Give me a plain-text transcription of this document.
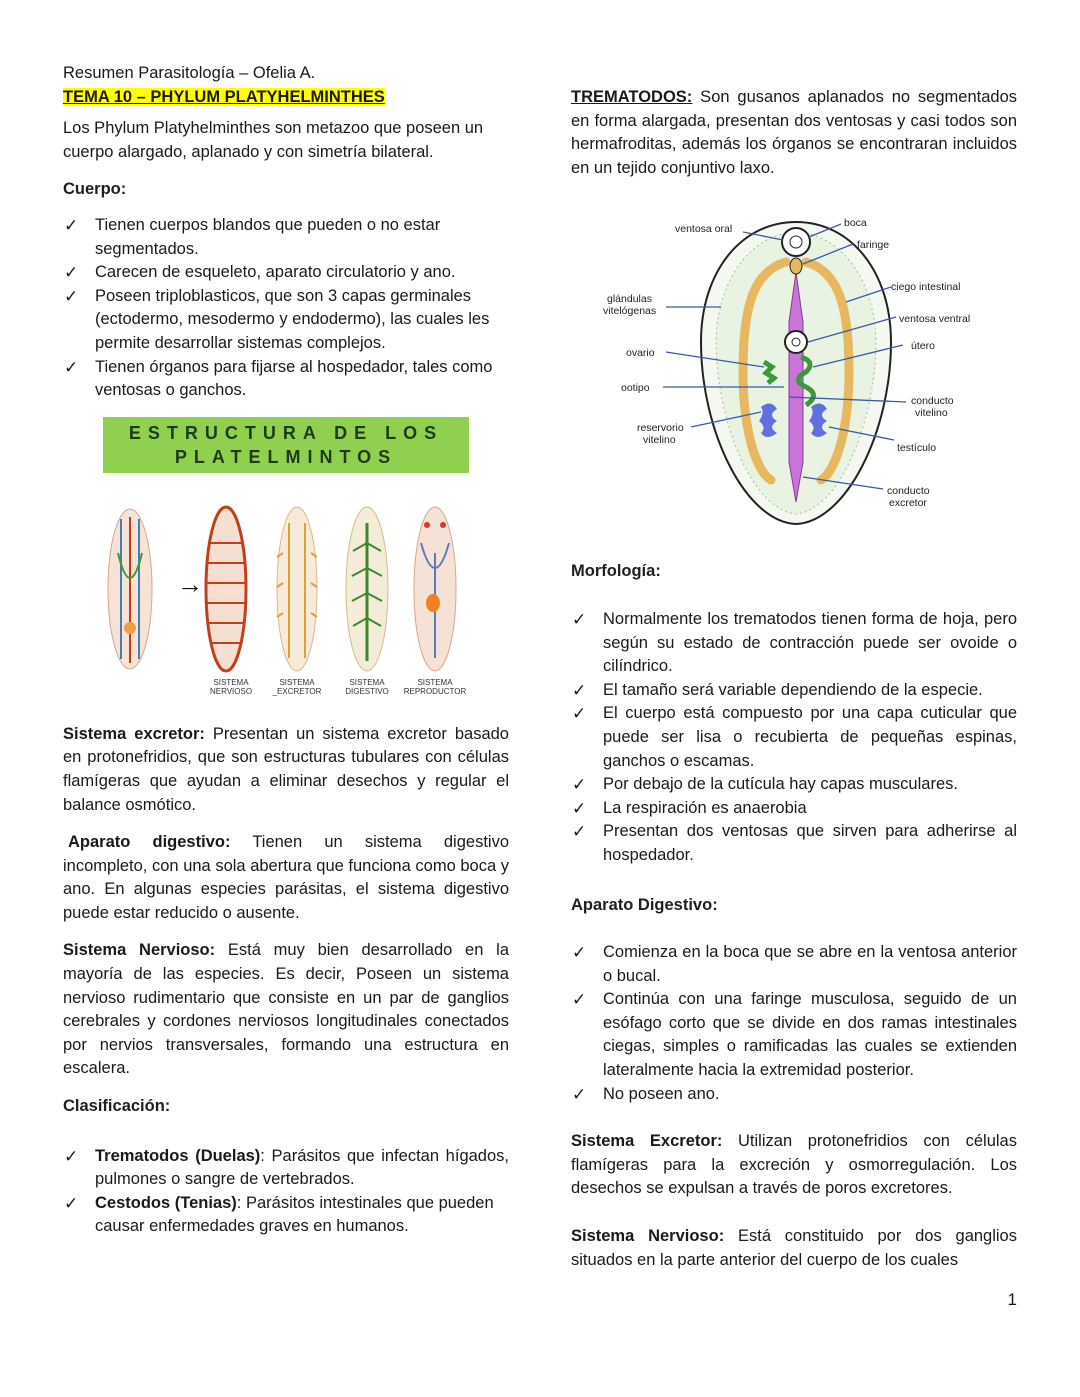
Resumen Parasitología – Ofelia A.

TEMA 10 – PHYLUM PLATYHELMINTHES

Los Phylum Platyhelminthes son metazoo que poseen un cuerpo alargado, aplanado y con simetría bilateral.

Cuerpo:

✓ Tienen cuerpos blandos que pueden o no estar segmentados.
✓ Carecen de esqueleto, aparato circulatorio y ano.
✓ Poseen triploblasticos, que son 3 capas germinales (ectodermo, mesodermo y endodermo), las cuales les permite desarrollar sistemas complejos.
✓ Tienen órganos para fijarse al hospedador, tales como ventosas o ganchos.
ESTRUCTURA DE LOS
PLATELMINTOS
→
SISTEMA
NERVIOSO
SISTEMA
_EXCRETOR
SISTEMA
DIGESTIVO
SISTEMA
REPRODUCTOR

Sistema excretor: Presentan un sistema excretor basado en protonefridios, que son estructuras tubulares con células flamígeras que ayudan a eliminar desechos y regular el balance osmótico.

Aparato digestivo: Tienen un sistema digestivo incompleto, con una sola abertura que funciona como boca y ano. En algunas especies parásitas, el sistema digestivo puede estar reducido o ausente.

Sistema Nervioso: Está muy bien desarrollado en la mayoría de las especies. Es decir, Poseen un sistema nervioso rudimentario que consiste en un par de ganglios cerebrales y cordones nerviosos longitudinales conectados por nervios transversales, formando una estructura en escalera.

Clasificación:

✓ Trematodos (Duelas): Parásitos que infectan hígados, pulmones o sangre de vertebrados.
✓ Cestodos (Tenias): Parásitos intestinales que pueden causar enfermedades graves en humanos.

TREMATODOS: Son gusanos aplanados no segmentados en forma alargada, presentan dos ventosas y casi todos son hermafroditas, además los órganos se encontraran incluidos en un tejido conjuntivo laxo.

ventosa oral	boca
faringe
glándulas
vitelógenas
ciego intestinal
ventosa ventral
útero
ovario
ootipo
conducto
vitelino
reservorio
vitelino
testículo
conducto
excretor

Morfología:

✓ Normalmente los trematodos tienen forma de hoja, pero según su estado de contracción puede ser ovoide o cilíndrico.
✓ El tamaño será variable dependiendo de la especie.
✓ El cuerpo está compuesto por una capa cuticular que puede ser lisa o recubierta de pequeñas espinas, ganchos o escamas.
✓ Por debajo de la cutícula hay capas musculares.
✓ La respiración es anaerobia
✓ Presentan dos ventosas que sirven para adherirse al hospedador.

Aparato Digestivo:

✓ Comienza en la boca que se abre en la ventosa anterior o bucal.
✓ Continúa con una faringe musculosa, seguido de un esófago corto que se divide en dos ramas intestinales ciegas, simples o ramificadas las cuales se extienden lateralmente hacia la extremidad posterior.
✓ No poseen ano.

Sistema Excretor: Utilizan protonefridios con células flamígeras para la excreción y osmorregulación. Los desechos se expulsan a través de poros excretores.

Sistema Nervioso: Está constituido por dos ganglios situados en la parte anterior del cuerpo de los cuales

1
